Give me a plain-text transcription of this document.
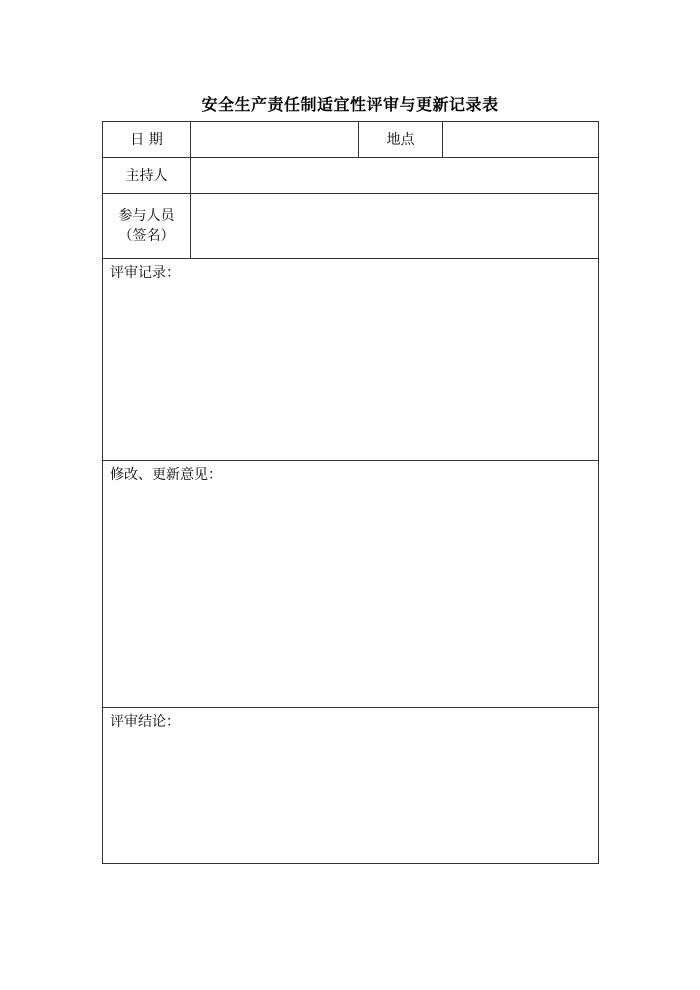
安全生产责任制适宜性评审与更新记录表
日 期		地点	
主持人			

参与人员
（签名）			

评审记录：			

修改、更新意见：			

评审结论：			
